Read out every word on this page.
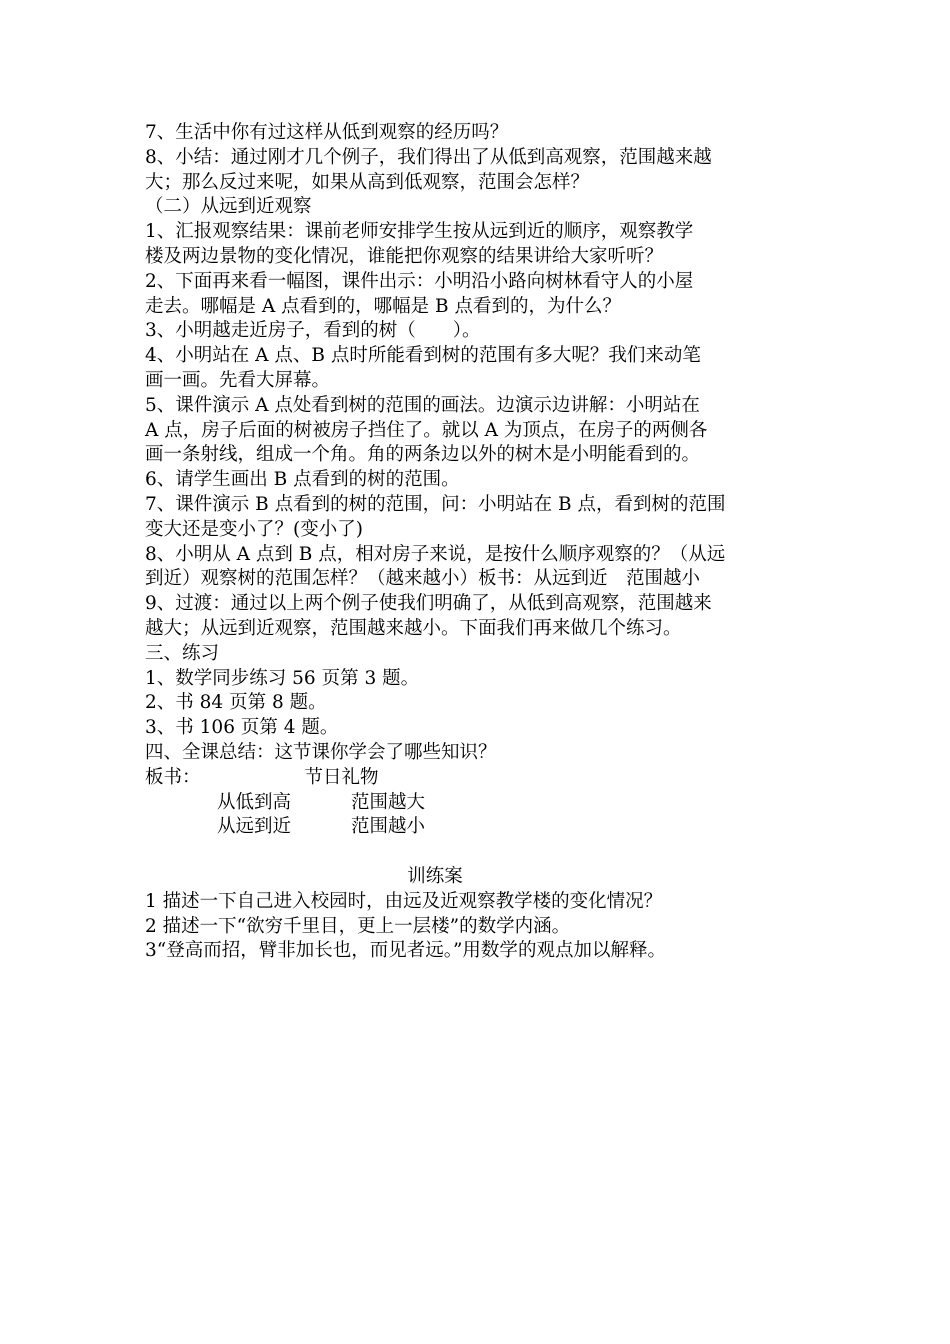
7、生活中你有过这样从低到观察的经历吗？
8、小结：通过刚才几个例子，我们得出了从低到高观察，范围越来越
大；那么反过来呢，如果从高到低观察，范围会怎样？
（二）从远到近观察
1、汇报观察结果：课前老师安排学生按从远到近的顺序，观察教学
楼及两边景物的变化情况，谁能把你观察的结果讲给大家听听？
2、下面再来看一幅图，课件出示：小明沿小路向树林看守人的小屋
走去。哪幅是 A 点看到的，哪幅是 B 点看到的，为什么？
3、小明越走近房子，看到的树（　　）。
4、小明站在 A 点、B 点时所能看到树的范围有多大呢？我们来动笔
画一画。先看大屏幕。
5、课件演示 A 点处看到树的范围的画法。边演示边讲解：小明站在
A 点，房子后面的树被房子挡住了。就以 A 为顶点，在房子的两侧各
画一条射线，组成一个角。角的两条边以外的树木是小明能看到的。
6、请学生画出 B 点看到的树的范围。
7、课件演示 B 点看到的树的范围，问：小明站在 B 点，看到树的范围
变大还是变小了？(变小了)
8、小明从 A 点到 B 点，相对房子来说，是按什么顺序观察的？（从远
到近）观察树的范围怎样？（越来越小）板书：从远到近　范围越小
9、过渡：通过以上两个例子使我们明确了，从低到高观察，范围越来
越大；从远到近观察，范围越来越小。下面我们再来做几个练习。
三、练习
1、数学同步练习 56 页第 3 题。
2、书 84 页第 8 题。
3、书 106 页第 4 题。
四、全课总结：这节课你学会了哪些知识？
板书：	节日礼物
从低到高	范围越大
从远到近	范围越小
训练案
1 描述一下自己进入校园时，由远及近观察教学楼的变化情况？
2 描述一下“欲穷千里目，更上一层楼”的数学内涵。
3“登高而招，臂非加长也，而见者远。”用数学的观点加以解释。
